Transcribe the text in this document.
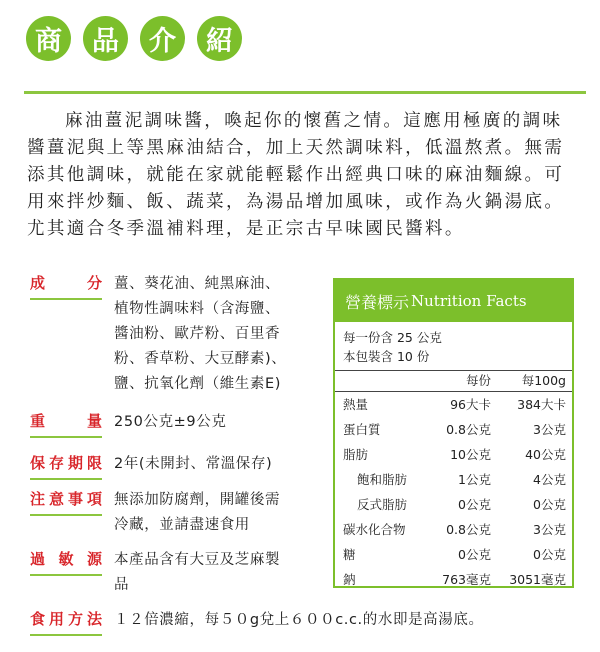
商	品	介	紹
麻油薑泥調味醬，喚起你的懷舊之情。這應用極廣的調味醬薑泥與上等黑麻油結合，加上天然調味料，低溫熬煮。無需添其他調味，就能在家就能輕鬆作出經典口味的麻油麵線。可用來拌炒麵、飯、蔬菜，為湯品增加風味，或作為火鍋湯底。尤其適合冬季溫補料理，是正宗古早味國民醬料。
成 分 薑、葵花油、純黑麻油、
植物性調味料（含海鹽、
醬油粉、歐芹粉、百里香
粉、香草粉、大豆酵素)、
鹽、抗氧化劑（維生素E)
重 量 250公克±9公克
保存期限 2年(未開封、常溫保存)
注意事項 無添加防腐劑，開罐後需
冷藏，並請盡速食用
過 敏 源 本產品含有大豆及芝麻製
品
食用方法 １２倍濃縮，每５０g兌上６００c.c.的水即是高湯底。
營養標示 Nutrition Facts
每一份含 25 公克
本包裝含 10 份
每份	每100g
熱量	96大卡	384大卡
蛋白質	0.8公克	3公克
脂肪	10公克	40公克
飽和脂肪	1公克	4公克
反式脂肪	0公克	0公克
碳水化合物	0.8公克	3公克
糖	0公克	0公克
鈉	763毫克	3051毫克
